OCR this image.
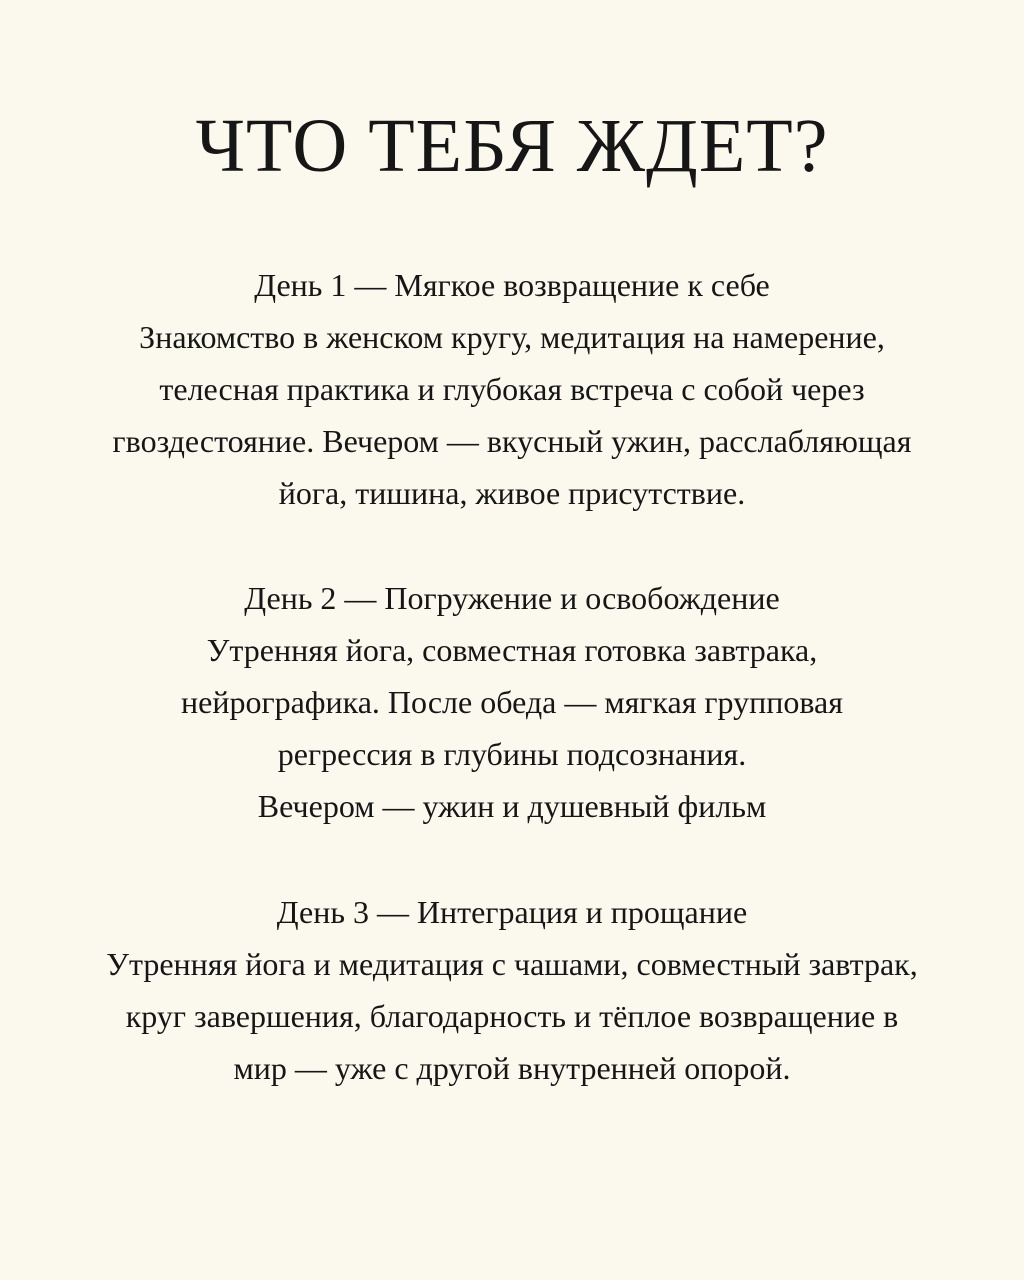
ЧТО ТЕБЯ ЖДЕТ?
День 1 — Мягкое возвращение к себе

Знакомство в женском кругу, медитация на намерение,

телесная практика и глубокая встреча с собой через

гвоздестояние. Вечером — вкусный ужин, расслабляющая

йога, тишина, живое присутствие.

День 2 — Погружение и освобождение

Утренняя йога, совместная готовка завтрака,

нейрографика. После обеда — мягкая групповая

регрессия в глубины подсознания.

Вечером — ужин и душевный фильм

День 3 — Интеграция и прощание

Утренняя йога и медитация с чашами, совместный завтрак,

круг завершения, благодарность и тёплое возвращение в

мир — уже с другой внутренней опорой.
